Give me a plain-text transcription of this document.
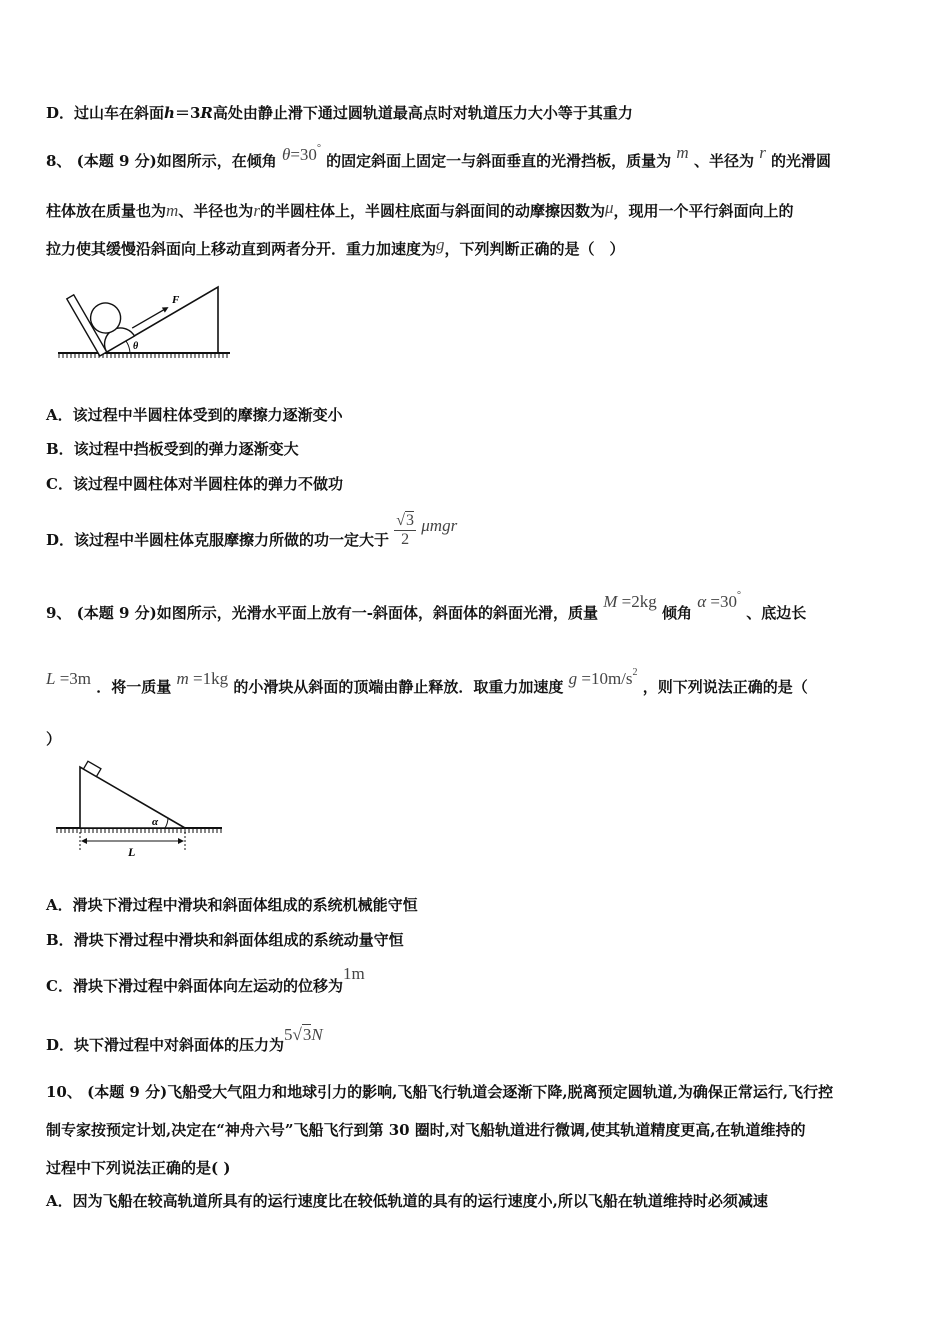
D．过山车在斜面h＝3R高处由静止滑下通过圆轨道最高点时对轨道压力大小等于其重力
8、 (本题 9 分)如图所示，在倾角 θ=30° 的固定斜面上固定一与斜面垂直的光滑挡板，质量为 m 、半径为 r 的光滑圆
柱体放在质量也为m、半径也为r的半圆柱体上，半圆柱底面与斜面间的动摩擦因数为μ，现用一个平行斜面向上的
拉力使其缓慢沿斜面向上移动直到两者分开．重力加速度为g，下列判断正确的是（　）
F
θ
A．该过程中半圆柱体受到的摩擦力逐渐变小
B．该过程中挡板受到的弹力逐渐变大
C．该过程中圆柱体对半圆柱体的弹力不做功
D．该过程中半圆柱体克服摩擦力所做的功一定大于 $\frac{√3}{2}$ μmgr
9、 (本题 9 分)如图所示，光滑水平面上放有一-斜面体，斜面体的斜面光滑，质量 M =2kg 倾角 α =30° 、底边长
L =3m ．将一质量 m =1kg 的小滑块从斜面的顶端由静止释放．取重力加速度 $g =10m/s^2$ ，则下列说法正确的是（
）
α
L
A．滑块下滑过程中滑块和斜面体组成的系统机械能守恒
B．滑块下滑过程中滑块和斜面体组成的系统动量守恒
C．滑块下滑过程中斜面体向左运动的位移为1m
D．块下滑过程中对斜面体的压力为5√3N
10、 (本题 9 分)飞船受大气阻力和地球引力的影响,飞船飞行轨道会逐渐下降,脱离预定圆轨道,为确保正常运行,飞行控
制专家按预定计划,决定在“神舟六号”飞船飞行到第 30 圈时,对飞船轨道进行微调,使其轨道精度更高,在轨道维持的
过程中下列说法正确的是( )
A．因为飞船在较高轨道所具有的运行速度比在较低轨道的具有的运行速度小,所以飞船在轨道维持时必须减速
